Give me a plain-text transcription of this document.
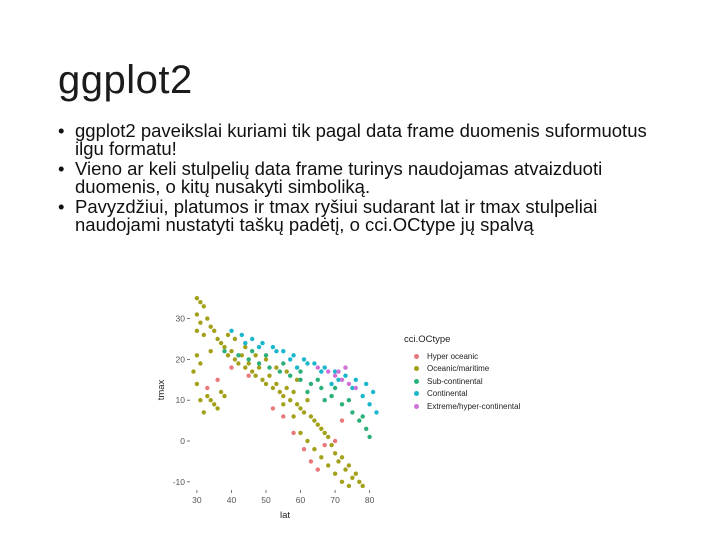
ggplot2
• ggplot2 paveikslai kuriami tik pagal data frame duomenis suformuotus ilgu formatu!
• Vieno ar keli stulpelių data frame turinys naudojamas atvaizduoti duomenis, o kitų nusakyti simboliką.
• Pavyzdžiui, platumos ir tmax ryšiui sudarant lat ir tmax stulpeliai naudojami nustatyti taškų padėtį, o cci.OCtype jų spalvą
30	40	50	60	70	80
-10
0
10
20
30
lat
tmax
cci.OCtype
Hyper oceanic
Oceanic/maritime
Sub-continental
Continental
Extreme/hyper-continental
